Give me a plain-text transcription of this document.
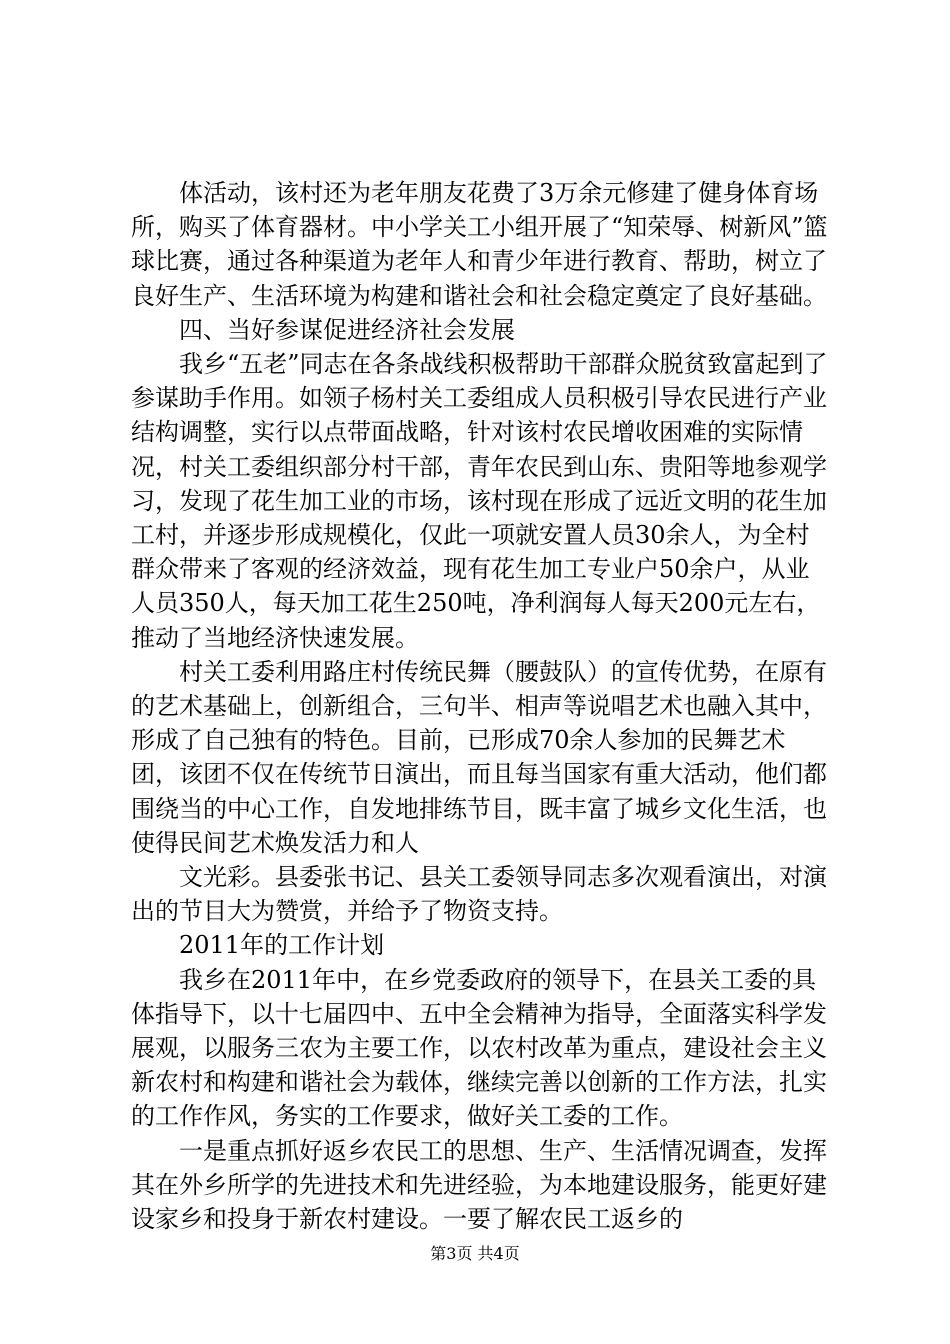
体活动，该村还为老年朋友花费了3万余元修建了健身体育场所，购买了体育器材。中小学关工小组开展了“知荣辱、树新风”篮球比赛，通过各种渠道为老年人和青少年进行教育、帮助，树立了良好生产、生活环境为构建和谐社会和社会稳定奠定了良好基础。

四、当好参谋促进经济社会发展

我乡“五老”同志在各条战线积极帮助干部群众脱贫致富起到了参谋助手作用。如领子杨村关工委组成人员积极引导农民进行产业结构调整，实行以点带面战略，针对该村农民增收困难的实际情况，村关工委组织部分村干部，青年农民到山东、贵阳等地参观学习，发现了花生加工业的市场，该村现在形成了远近文明的花生加工村，并逐步形成规模化，仅此一项就安置人员30余人，为全村群众带来了客观的经济效益，现有花生加工专业户50余户，从业人员350人，每天加工花生250吨，净利润每人每天200元左右，推动了当地经济快速发展。

村关工委利用路庄村传统民舞（腰鼓队）的宣传优势，在原有的艺术基础上，创新组合，三句半、相声等说唱艺术也融入其中，形成了自己独有的特色。目前，已形成70余人参加的民舞艺术团，该团不仅在传统节日演出，而且每当国家有重大活动，他们都围绕当的中心工作，自发地排练节目，既丰富了城乡文化生活，也使得民间艺术焕发活力和人

文光彩。县委张书记、县关工委领导同志多次观看演出，对演出的节目大为赞赏，并给予了物资支持。

2011年的工作计划

我乡在2011年中，在乡党委政府的领导下，在县关工委的具体指导下，以十七届四中、五中全会精神为指导，全面落实科学发展观，以服务三农为主要工作，以农村改革为重点，建设社会主义新农村和构建和谐社会为载体，继续完善以创新的工作方法，扎实的工作作风，务实的工作要求，做好关工委的工作。

一是重点抓好返乡农民工的思想、生产、生活情况调查，发挥其在外乡所学的先进技术和先进经验，为本地建设服务，能更好建设家乡和投身于新农村建设。一要了解农民工返乡的

第3页 共4页
